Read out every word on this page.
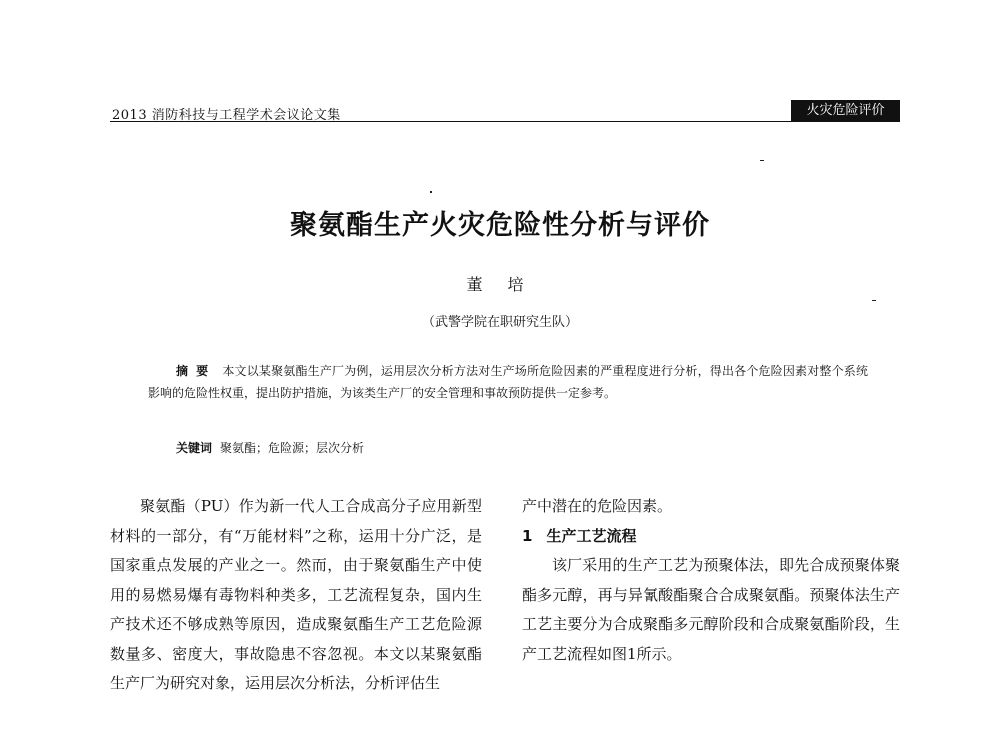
2013 消防科技与工程学术会议论文集	火灾危险评价
聚氨酯生产火灾危险性分析与评价
董 培
（武警学院在职研究生队）
摘要 本文以某聚氨酯生产厂为例，运用层次分析方法对生产场所危险因素的严重程度进行分析，得出各个危险因素对整个系统影响的危险性权重，提出防护措施，为该类生产厂的安全管理和事故预防提供一定参考。
关键词 聚氨酯；危险源；层次分析

聚氨酯（PU）作为新一代人工合成高分子应用新型材料的一部分，有“万能材料”之称，运用十分广泛，是国家重点发展的产业之一。然而，由于聚氨酯生产中使用的易燃易爆有毒物料种类多，工艺流程复杂，国内生产技术还不够成熟等原因，造成聚氨酯生产工艺危险源数量多、密度大，事故隐患不容忽视。本文以某聚氨酯生产厂为研究对象，运用层次分析法，分析评估生

产中潜在的危险因素。

1 生产工艺流程

该厂采用的生产工艺为预聚体法，即先合成预聚体聚酯多元醇，再与异氰酸酯聚合合成聚氨酯。预聚体法生产工艺主要分为合成聚酯多元醇阶段和合成聚氨酯阶段，生产工艺流程如图1所示。
